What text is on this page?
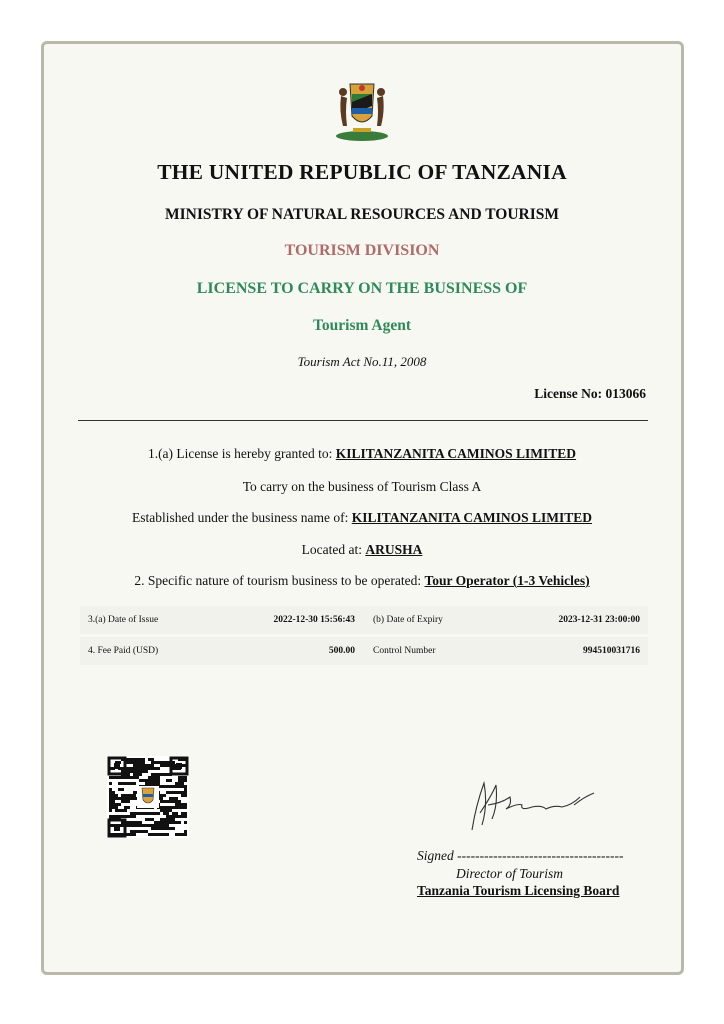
THE UNITED REPUBLIC OF TANZANIA
MINISTRY OF NATURAL RESOURCES AND TOURISM
TOURISM DIVISION
LICENSE TO CARRY ON THE BUSINESS OF
Tourism Agent
Tourism Act No.11, 2008
License No: 013066
1.(a) License is hereby granted to: KILITANZANITA CAMINOS LIMITED
To carry on the business of Tourism Class A
Established under the business name of: KILITANZANITA CAMINOS LIMITED
Located at: ARUSHA
2. Specific nature of tourism business to be operated: Tour Operator (1-3 Vehicles)
3.(a) Date of Issue	2022-12-30 15:56:43	(b) Date of Expiry	2023-12-31 23:00:00
4. Fee Paid (USD)	500.00	Control Number	994510031716
Signed -------------------------------------
Director of Tourism
Tanzania Tourism Licensing Board
